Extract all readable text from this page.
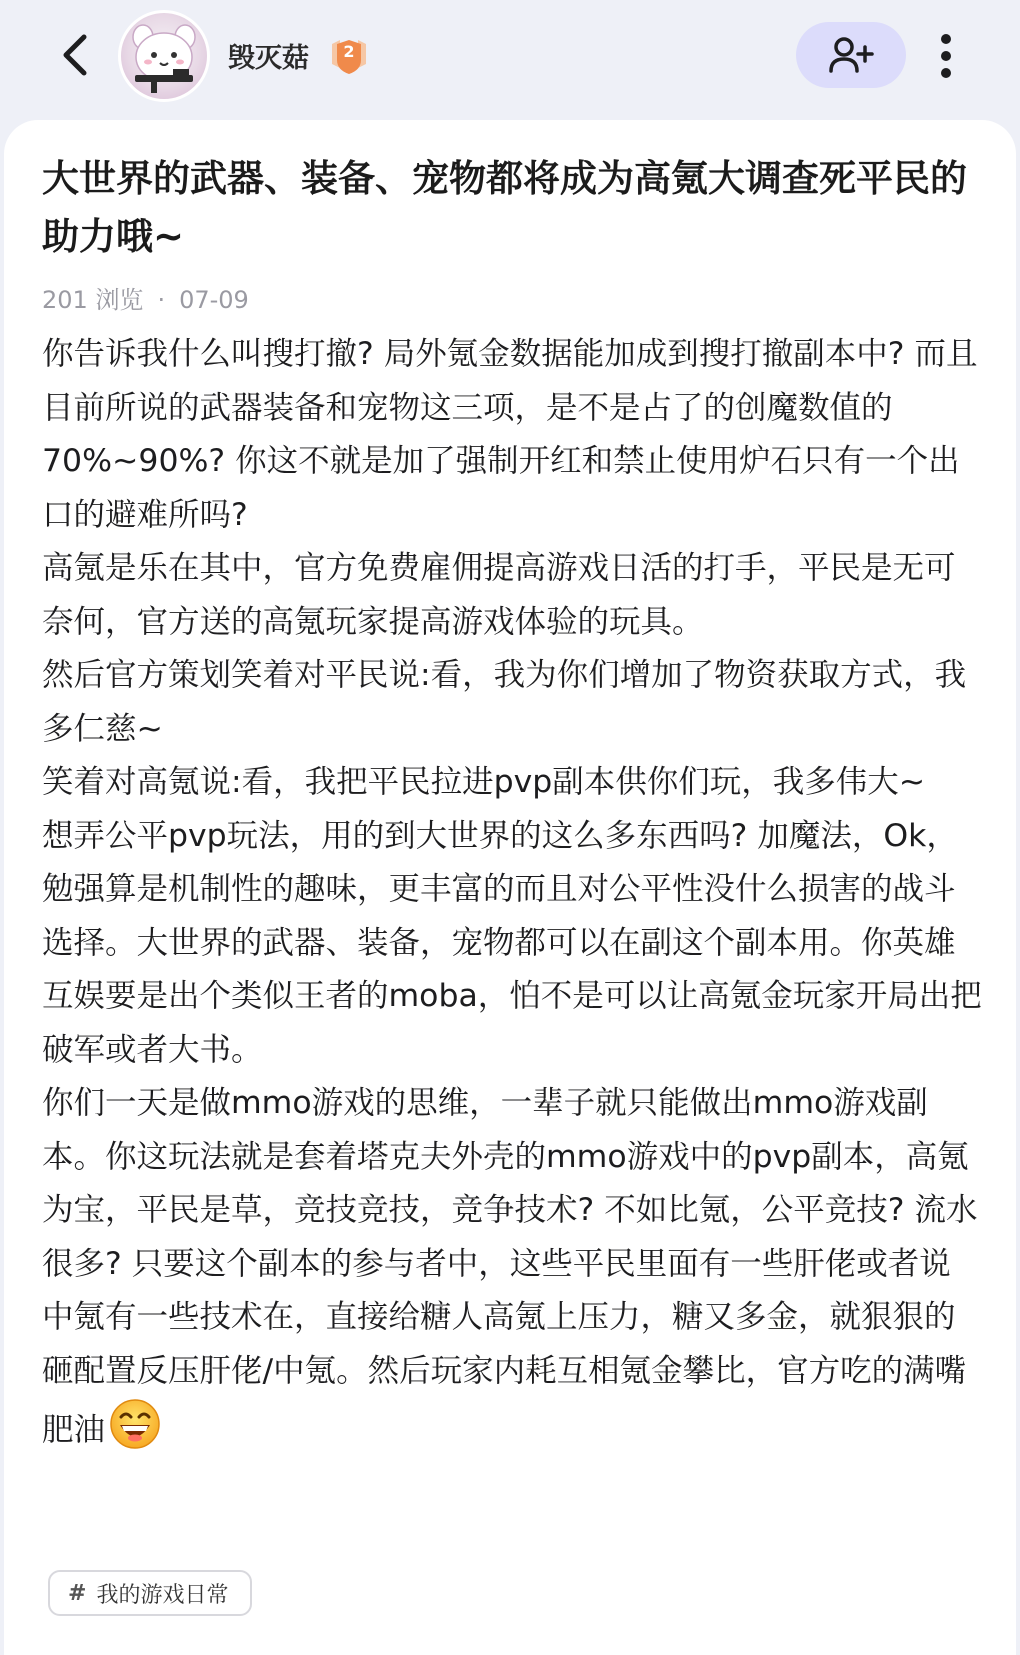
毁灭菇	2
大世界的武器、装备、宠物都将成为高氪大调查死平民的助力哦~
201 浏览 · 07-09

你告诉我什么叫搜打撤? 局外氪金数据能加成到搜打撤副本中? 而且目前所说的武器装备和宠物这三项，是不是占了的创魔数值的70%~90%? 你这不就是加了强制开红和禁止使用炉石只有一个出口的避难所吗?

高氪是乐在其中，官方免费雇佣提高游戏日活的打手，平民是无可奈何，官方送的高氪玩家提高游戏体验的玩具。

然后官方策划笑着对平民说:看，我为你们增加了物资获取方式，我多仁慈~

笑着对高氪说:看，我把平民拉进pvp副本供你们玩，我多伟大~

想弄公平pvp玩法，用的到大世界的这么多东西吗? 加魔法，Ok，勉强算是机制性的趣味，更丰富的而且对公平性没什么损害的战斗选择。大世界的武器、装备，宠物都可以在副这个副本用。你英雄互娱要是出个类似王者的moba，怕不是可以让高氪金玩家开局出把破军或者大书。

你们一天是做mmo游戏的思维，一辈子就只能做出mmo游戏副本。你这玩法就是套着塔克夫外壳的mmo游戏中的pvp副本，高氪为宝，平民是草，竞技竞技，竞争技术? 不如比氪，公平竞技? 流水很多? 只要这个副本的参与者中，这些平民里面有一些肝佬或者说中氪有一些技术在，直接给糖人高氪上压力，糖又多金，就狠狠的砸配置反压肝佬/中氪。然后玩家内耗互相氪金攀比，官方吃的满嘴肥油

# 我的游戏日常
